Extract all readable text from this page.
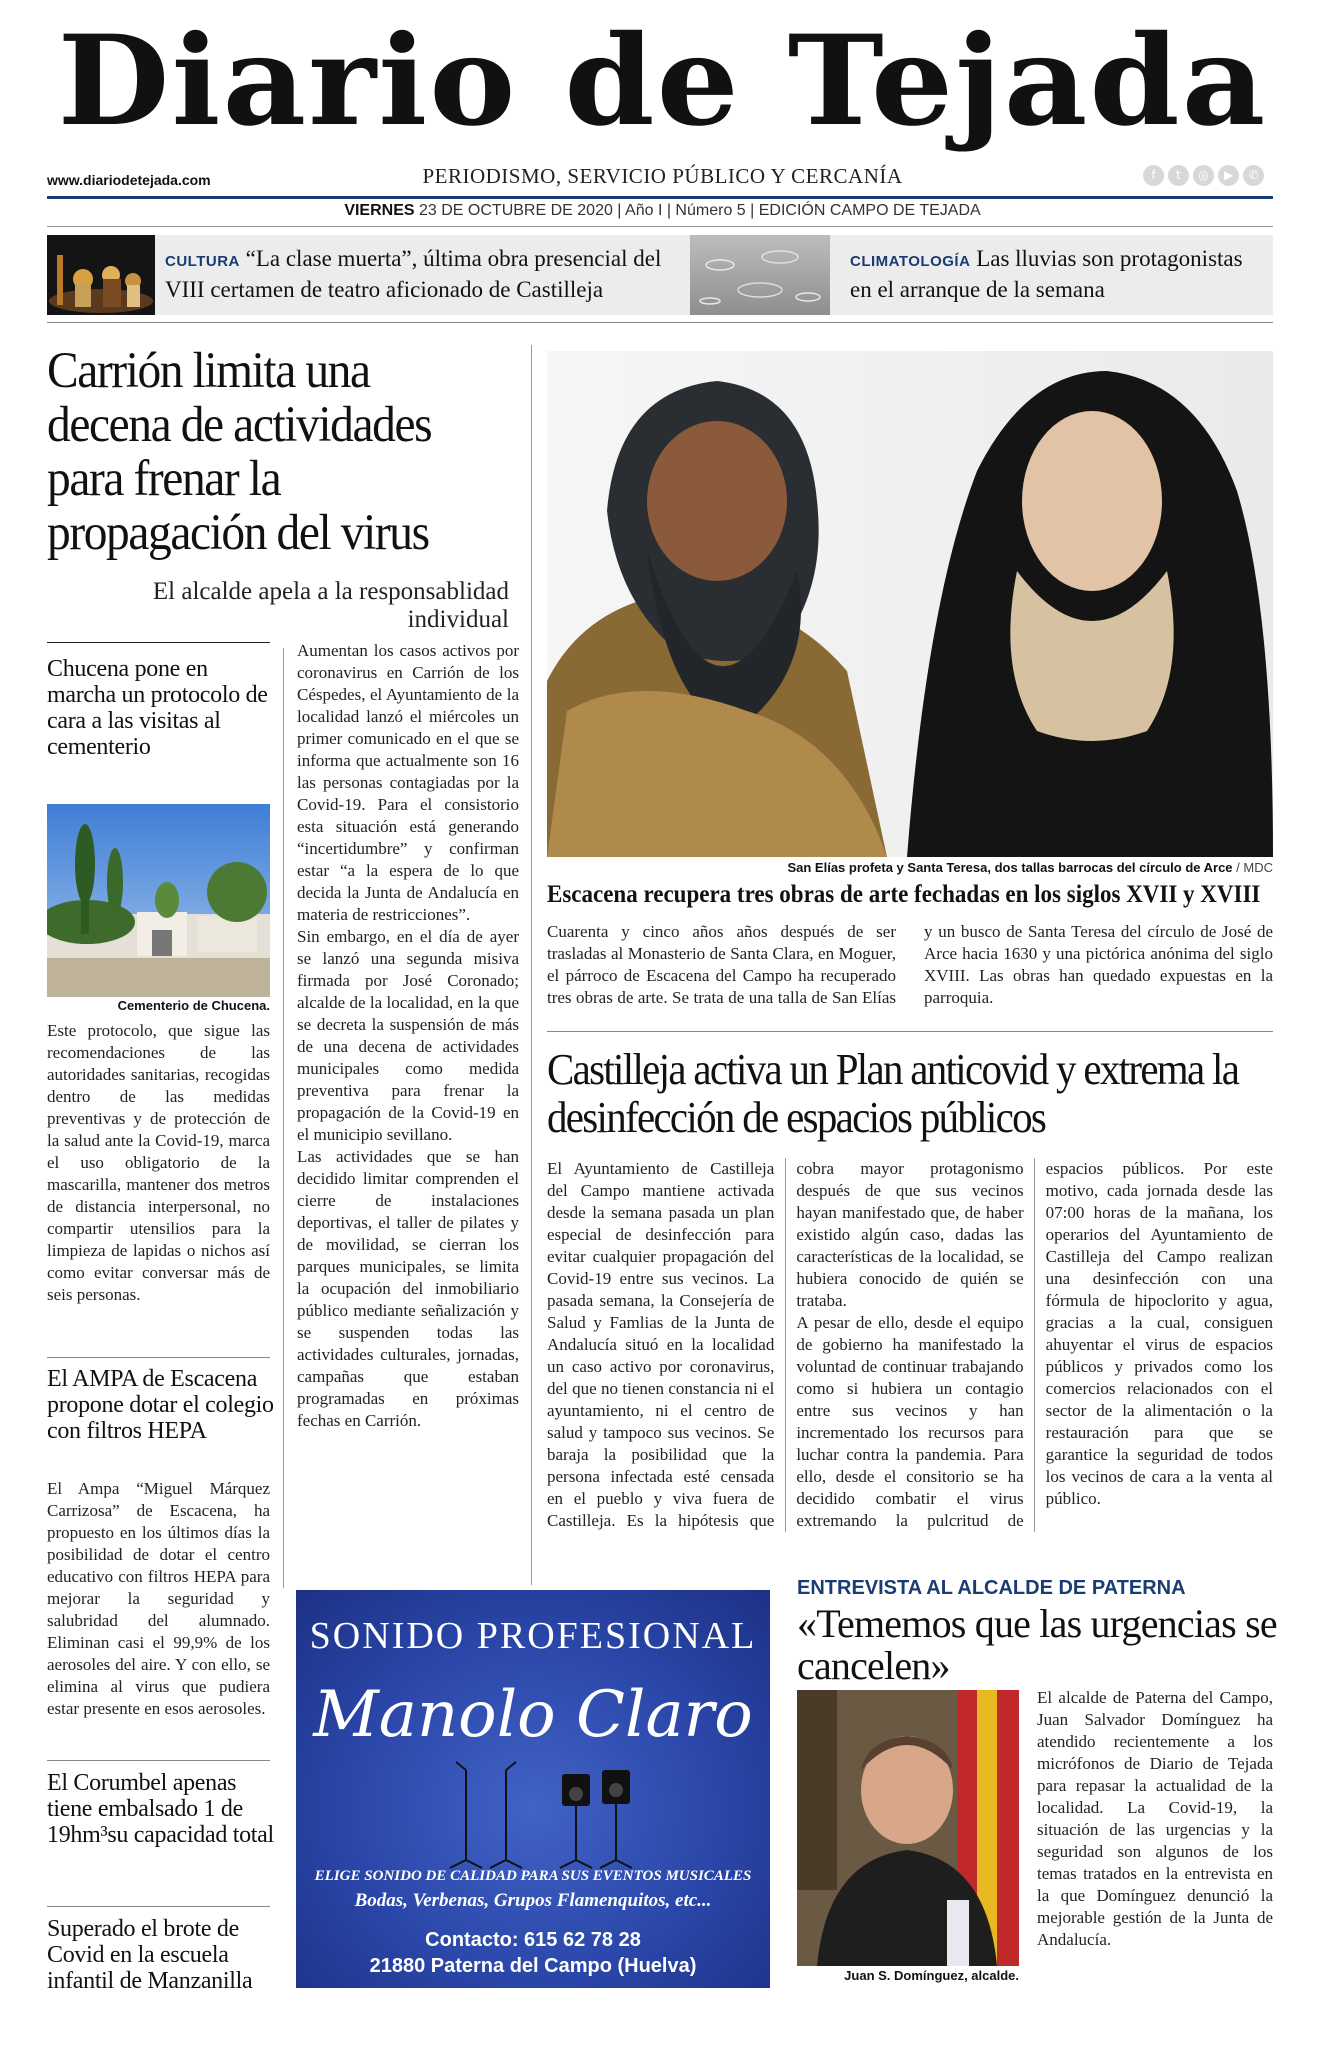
Diario de Tejada
www.diariodetejada.com	PERIODISMO, SERVICIO PÚBLICO Y CERCANÍA	f	t	◎	▶	✆
VIERNES 23 DE OCTUBRE DE 2020 | Año I | Número 5 | EDICIÓN CAMPO DE TEJADA
CULTURA “La clase muerta”, última obra presencial del VIII certamen de teatro aficionado de Castilleja
CLIMATOLOGÍA Las lluvias son protagonistas en el arranque de la semana
Carrión limita una decena de actividades para frenar la propagación del virus
El alcalde apela a la responsablidad individual
Chucena pone en marcha un protocolo de cara a las visitas al cementerio
Cementerio de Chucena.
Este protocolo, que sigue las recomendaciones de las autoridades sanitarias, recogidas dentro de las medidas preventivas y de protección de la salud ante la Covid-19, marca el uso obligatorio de la mascarilla, mantener dos metros de distancia interpersonal, no compartir utensilios para la limpieza de lapidas o nichos así como evitar conversar más de seis personas.
El AMPA de Escacena propone dotar el colegio con filtros HEPA
El Ampa “Miguel Márquez Carrizosa” de Escacena, ha propuesto en los últimos días la posibilidad de dotar el centro educativo con filtros HEPA para mejorar la seguridad y salubridad del alumnado. Eliminan casi el 99,9% de los aerosoles del aire. Y con ello, se elimina al virus que pudiera estar presente en esos aerosoles.
El Corumbel apenas tiene embalsado 1 de 19hm³su capacidad total
Superado el brote de Covid en la escuela infantil de Manzanilla

Aumentan los casos activos por coronavirus en Carrión de los Céspedes, el Ayuntamiento de la localidad lanzó el miércoles un primer comunicado en el que se informa que actualmente son 16 las personas contagiadas por la Covid-19. Para el consistorio esta situación está generando “incertidumbre” y confirman estar “a la espera de lo que decida la Junta de Andalucía en materia de restricciones”.

Sin embargo, en el día de ayer se lanzó una segunda misiva firmada por José Coronado; alcalde de la localidad, en la que se decreta la suspensión de más de una decena de actividades municipales como medida preventiva para frenar la propagación de la Covid-19 en el municipio sevillano.

Las actividades que se han decidido limitar comprenden el cierre de instalaciones deportivas, el taller de pilates y de movilidad, se cierran los parques municipales, se limita la ocupación del inmobiliario público mediante señalización y se suspenden todas las actividades culturales, jornadas, campañas que estaban programadas en próximas fechas en Carrión.

San Elías profeta y Santa Teresa, dos tallas barrocas del círculo de Arce / MDC
Escacena recupera tres obras de arte fechadas en los siglos XVII y XVIII
Cuarenta y cinco años años después de ser trasladas al Monasterio de Santa Clara, en Moguer, el párroco de Escacena del Campo ha recuperado tres obras de arte. Se trata de una talla de San Elías y un busco de Santa Teresa del círculo de José de Arce hacia 1630 y una pictórica anónima del siglo XVIII. Las obras han quedado expuestas en la parroquia.
Castilleja activa un Plan anticovid y extrema la desinfección de espacios públicos

El Ayuntamiento de Castilleja del Campo mantiene activada desde la semana pasada un plan especial de desinfección para evitar cualquier propagación del Covid-19 entre sus vecinos. La pasada semana, la Consejería de Salud y Famlias de la Junta de Andalucía situó en la localidad un caso activo por coronavirus, del que no tienen constancia ni el ayuntamiento, ni el centro de salud y tampoco sus vecinos. Se baraja la posibilidad que la persona infectada esté censada en el pueblo y viva fuera de Castilleja. Es la hipótesis que cobra mayor protagonismo después de que sus vecinos hayan manifestado que, de haber existido algún caso, dadas las características de la localidad, se hubiera conocido de quién se trataba.

A pesar de ello, desde el equipo de gobierno ha manifestado la voluntad de continuar trabajando como si hubiera un contagio entre sus vecinos y han incrementado los recursos para luchar contra la pandemia. Para ello, desde el consitorio se ha decidido combatir el virus extremando la pulcritud de espacios públicos. Por este motivo, cada jornada desde las 07:00 horas de la mañana, los operarios del Ayuntamiento de Castilleja del Campo realizan una desinfección con una fórmula de hipoclorito y agua, gracias a la cual, consiguen ahuyentar el virus de espacios públicos y privados como los comercios relacionados con el sector de la alimentación o la restauración para que se garantice la seguridad de todos los vecinos de cara a la venta al público.

SONIDO PROFESIONAL
Manolo Claro
ELIGE SONIDO DE CALIDAD PARA SUS EVENTOS MUSICALES
Bodas, Verbenas, Grupos Flamenquitos, etc...
Contacto: 615 62 78 28
21880 Paterna del Campo (Huelva)
ENTREVISTA AL ALCALDE DE PATERNA
«Tememos que las urgencias se cancelen»
Juan S. Domínguez, alcalde.
El alcalde de Paterna del Campo, Juan Salvador Domínguez ha atendido recientemente a los micrófonos de Diario de Tejada para repasar la actualidad de la localidad. La Covid-19, la situación de las urgencias y la seguridad son algunos de los temas tratados en la entrevista en la que Domínguez denunció la mejorable gestión de la Junta de Andalucía.
